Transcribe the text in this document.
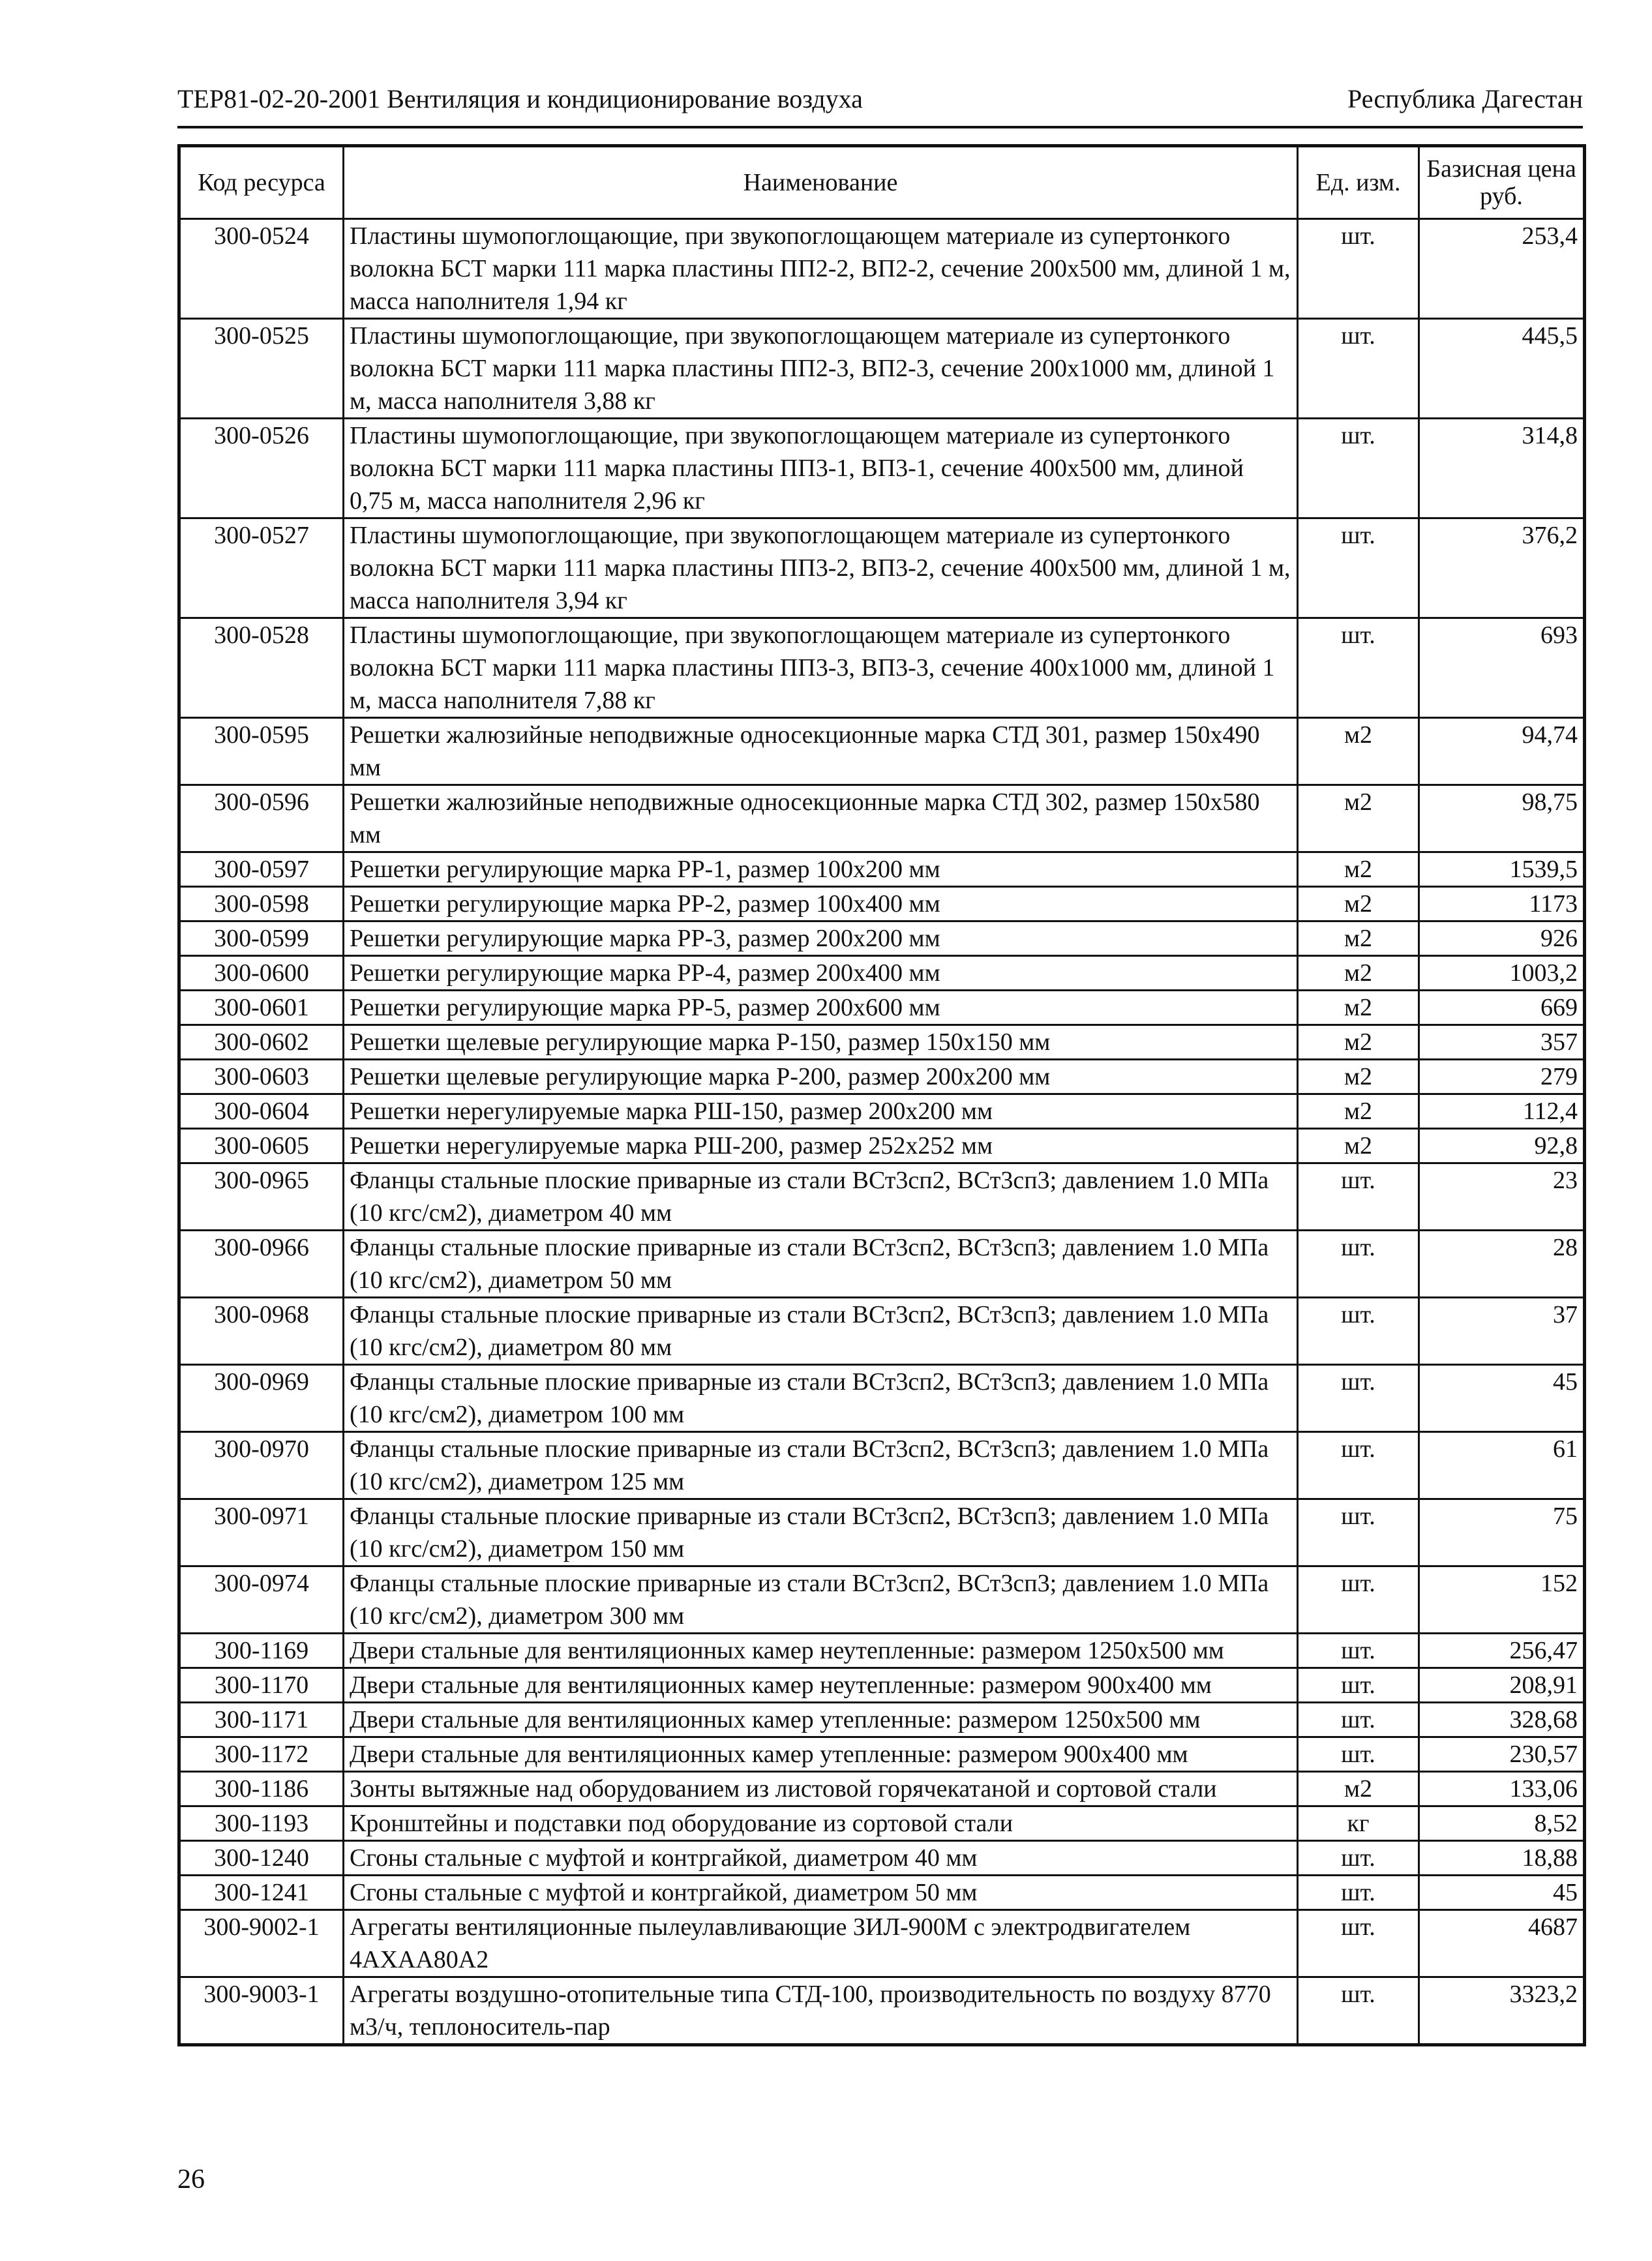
ТЕР81-02-20-2001 Вентиляция и кондиционирование воздуха	Республика Дагестан
Код ресурса	Наименование	Ед. изм.	Базисная цена руб.
300-0524	Пластины шумопоглощающие, при звукопоглощающем материале из супертонкого волокна БСТ марки 111 марка пластины ПП2-2, ВП2-2, сечение 200х500 мм, длиной 1 м, масса наполнителя 1,94 кг	шт.	253,4
300-0525	Пластины шумопоглощающие, при звукопоглощающем материале из супертонкого волокна БСТ марки 111 марка пластины ПП2-3, ВП2-3, сечение 200х1000 мм, длиной 1 м, масса наполнителя 3,88 кг	шт.	445,5
300-0526	Пластины шумопоглощающие, при звукопоглощающем материале из супертонкого волокна БСТ марки 111 марка пластины ПП3-1, ВП3-1, сечение 400х500 мм, длиной 0,75 м, масса наполнителя 2,96 кг	шт.	314,8
300-0527	Пластины шумопоглощающие, при звукопоглощающем материале из супертонкого волокна БСТ марки 111 марка пластины ПП3-2, ВП3-2, сечение 400х500 мм, длиной 1 м, масса наполнителя 3,94 кг	шт.	376,2
300-0528	Пластины шумопоглощающие, при звукопоглощающем материале из супертонкого волокна БСТ марки 111 марка пластины ПП3-3, ВП3-3, сечение 400х1000 мм, длиной 1 м, масса наполнителя 7,88 кг	шт.	693
300-0595	Решетки жалюзийные неподвижные односекционные марка СТД 301, размер 150х490 мм	м2	94,74
300-0596	Решетки жалюзийные неподвижные односекционные марка СТД 302, размер 150х580 мм	м2	98,75
300-0597	Решетки регулирующие марка РР-1, размер 100х200 мм	м2	1539,5
300-0598	Решетки регулирующие марка РР-2, размер 100х400 мм	м2	1173
300-0599	Решетки регулирующие марка РР-3, размер 200х200 мм	м2	926
300-0600	Решетки регулирующие марка РР-4, размер 200х400 мм	м2	1003,2
300-0601	Решетки регулирующие марка РР-5, размер 200х600 мм	м2	669
300-0602	Решетки щелевые регулирующие марка Р-150, размер 150х150 мм	м2	357
300-0603	Решетки щелевые регулирующие марка Р-200, размер 200х200 мм	м2	279
300-0604	Решетки нерегулируемые марка РШ-150, размер 200х200 мм	м2	112,4
300-0605	Решетки нерегулируемые марка РШ-200, размер 252х252 мм	м2	92,8
300-0965	Фланцы стальные плоские приварные из стали ВСт3сп2, ВСт3сп3; давлением 1.0 МПа (10 кгс/см2), диаметром 40 мм	шт.	23
300-0966	Фланцы стальные плоские приварные из стали ВСт3сп2, ВСт3сп3; давлением 1.0 МПа (10 кгс/см2), диаметром 50 мм	шт.	28
300-0968	Фланцы стальные плоские приварные из стали ВСт3сп2, ВСт3сп3; давлением 1.0 МПа (10 кгс/см2), диаметром 80 мм	шт.	37
300-0969	Фланцы стальные плоские приварные из стали ВСт3сп2, ВСт3сп3; давлением 1.0 МПа (10 кгс/см2), диаметром 100 мм	шт.	45
300-0970	Фланцы стальные плоские приварные из стали ВСт3сп2, ВСт3сп3; давлением 1.0 МПа (10 кгс/см2), диаметром 125 мм	шт.	61
300-0971	Фланцы стальные плоские приварные из стали ВСт3сп2, ВСт3сп3; давлением 1.0 МПа (10 кгс/см2), диаметром 150 мм	шт.	75
300-0974	Фланцы стальные плоские приварные из стали ВСт3сп2, ВСт3сп3; давлением 1.0 МПа (10 кгс/см2), диаметром 300 мм	шт.	152
300-1169	Двери стальные для вентиляционных камер неутепленные: размером 1250х500 мм	шт.	256,47
300-1170	Двери стальные для вентиляционных камер неутепленные: размером 900х400 мм	шт.	208,91
300-1171	Двери стальные для вентиляционных камер утепленные: размером 1250х500 мм	шт.	328,68
300-1172	Двери стальные для вентиляционных камер утепленные: размером 900х400 мм	шт.	230,57
300-1186	Зонты вытяжные над оборудованием из листовой горячекатаной и сортовой стали	м2	133,06
300-1193	Кронштейны и подставки под оборудование из сортовой стали	кг	8,52
300-1240	Сгоны стальные с муфтой и контргайкой, диаметром 40 мм	шт.	18,88
300-1241	Сгоны стальные с муфтой и контргайкой, диаметром 50 мм	шт.	45
300-9002-1	Агрегаты вентиляционные пылеулавливающие ЗИЛ-900М с электродвигателем 4АХАА80А2	шт.	4687
300-9003-1	Агрегаты воздушно-отопительные типа СТД-100, производительность по воздуху 8770 м3/ч, теплоноситель-пар	шт.	3323,2
26
